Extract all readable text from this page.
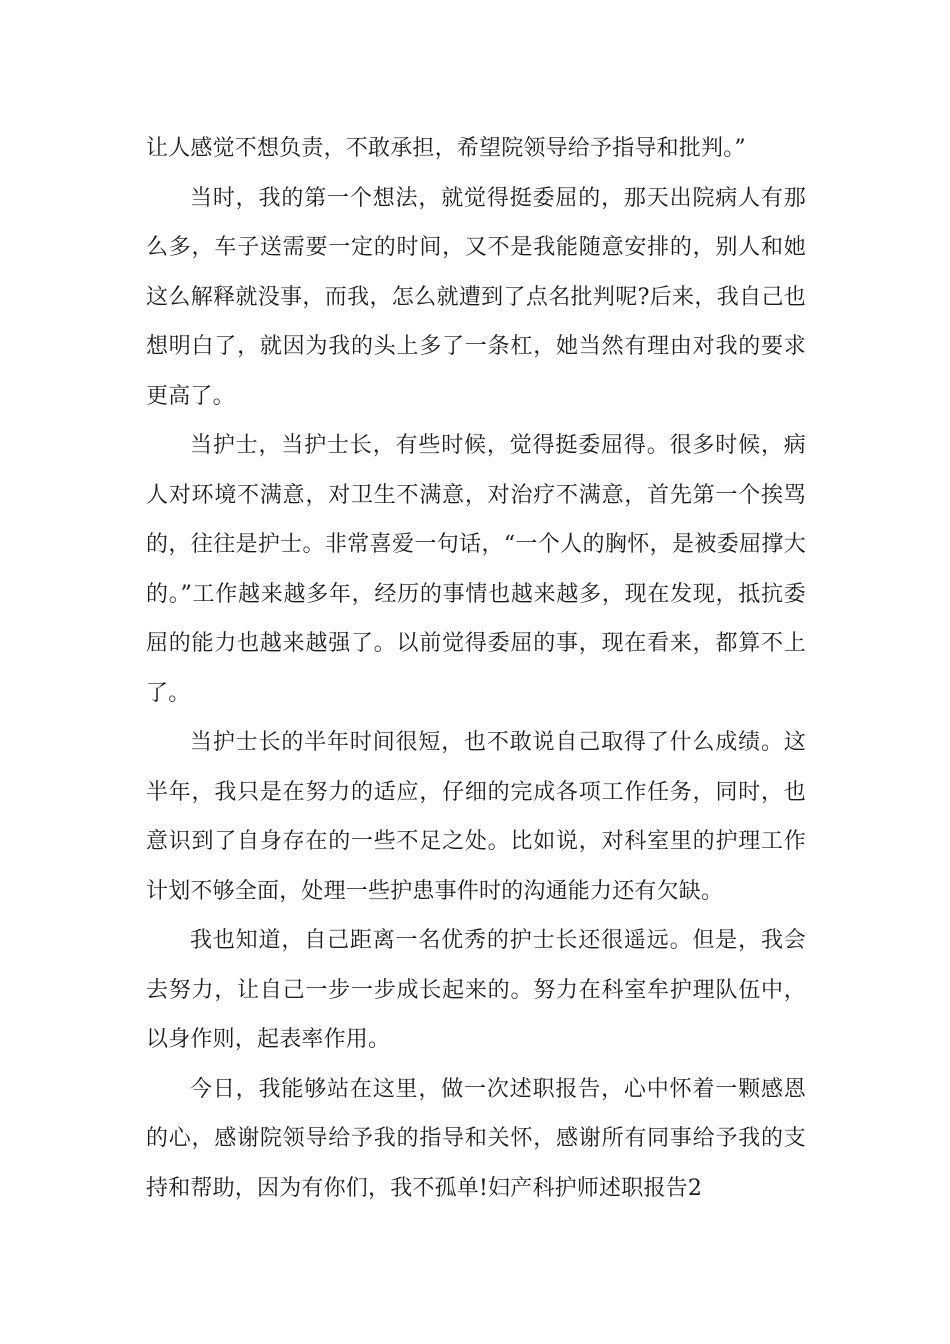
让人感觉不想负责，不敢承担，希望院领导给予指导和批判。”

当时，我的第一个想法，就觉得挺委屈的，那天出院病人有那么多，车子送需要一定的时间，又不是我能随意安排的，别人和她这么解释就没事，而我，怎么就遭到了点名批判呢?后来，我自己也想明白了，就因为我的头上多了一条杠，她当然有理由对我的要求更高了。

当护士，当护士长，有些时候，觉得挺委屈得。很多时候，病人对环境不满意，对卫生不满意，对治疗不满意，首先第一个挨骂的，往往是护士。非常喜爱一句话，“一个人的胸怀，是被委屈撑大的。”工作越来越多年，经历的事情也越来越多，现在发现，抵抗委屈的能力也越来越强了。以前觉得委屈的事，现在看来，都算不上了。

当护士长的半年时间很短，也不敢说自己取得了什么成绩。这半年，我只是在努力的适应，仔细的完成各项工作任务，同时，也意识到了自身存在的一些不足之处。比如说，对科室里的护理工作计划不够全面，处理一些护患事件时的沟通能力还有欠缺。

我也知道，自己距离一名优秀的护士长还很遥远。但是，我会去努力，让自己一步一步成长起来的。努力在科室牟护理队伍中，以身作则，起表率作用。

今日，我能够站在这里，做一次述职报告，心中怀着一颗感恩的心，感谢院领导给予我的指导和关怀，感谢所有同事给予我的支持和帮助，因为有你们，我不孤单!妇产科护师述职报告2
